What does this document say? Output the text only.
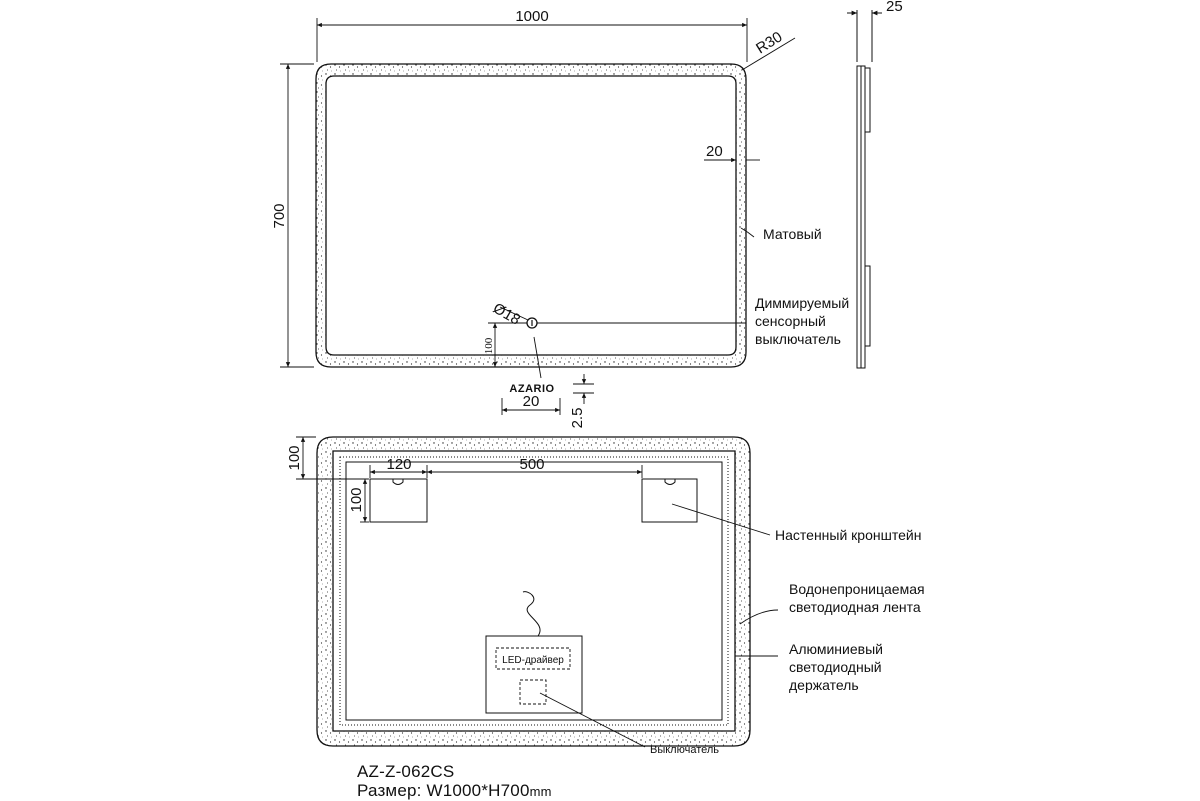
1000
700
R30
20
Матовый
Диммируемый
сенсорный
выключатель
Ø18
100
AZARIO
20
2.5
25
LED-драйвер
100	120	500
100
Настенный кронштейн
Водонепроницаемая
светодиодная лента
Алюминиевый
светодиодный
держатель
Выключатель
AZ-Z-062CS
Размер: W1000*H700mm
